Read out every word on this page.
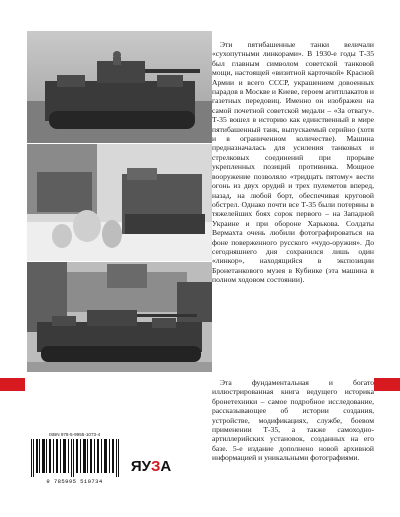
Эти пятибашенные танки величали «сухопутными линкорами». В 1930-е годы Т-35 был главным символом советской танковой мощи, настоящей «визитной карточкой» Красной Армии и всего СССР, украшением довоенных парадов в Москве и Киеве, героем агитплакатов и газетных передовиц. Именно он изображен на самой почетной советской медали – «За отвагу». Т-35 вошел в историю как единственный в мире пятибашенный танк, выпускаемый серийно (хотя и в ограниченном количестве). Машина предназначалась для усиления танковых и стрелковых соединений при прорыве укрепленных позиций противника. Мощное вооружение позволяло «тридцать пятому» вести огонь из двух орудий и трех пулеметов вперед, назад, на любой борт, обеспечивая круговой обстрел. Однако почти все Т-35 были потеряны в тяжелейших боях сорок первого – на Западной Украине и при обороне Харькова. Солдаты Вермахта очень любили фотографироваться на фоне поверженного русского «чудо-оружия». До сегодняшнего дня сохранился лишь один «линкор», находящийся в экспозиции Бронетанкового музея в Кубинке (эта машина в полном ходовом состоянии).

Эта фундаментальная и богато иллюстрированная книга ведущего историка бронетехники – самое подробное исследование, рассказывающее об истории создания, устройстве, модификациях, службе, боевом применении Т-35, а также самоходно-артиллерийских установок, созданных на его базе. 5-е издание дополнено новой архивной информацией и уникальными фотографиями.

ISBN 978-5-9955-1073-4
9 785995 510734
ЯУЗА
